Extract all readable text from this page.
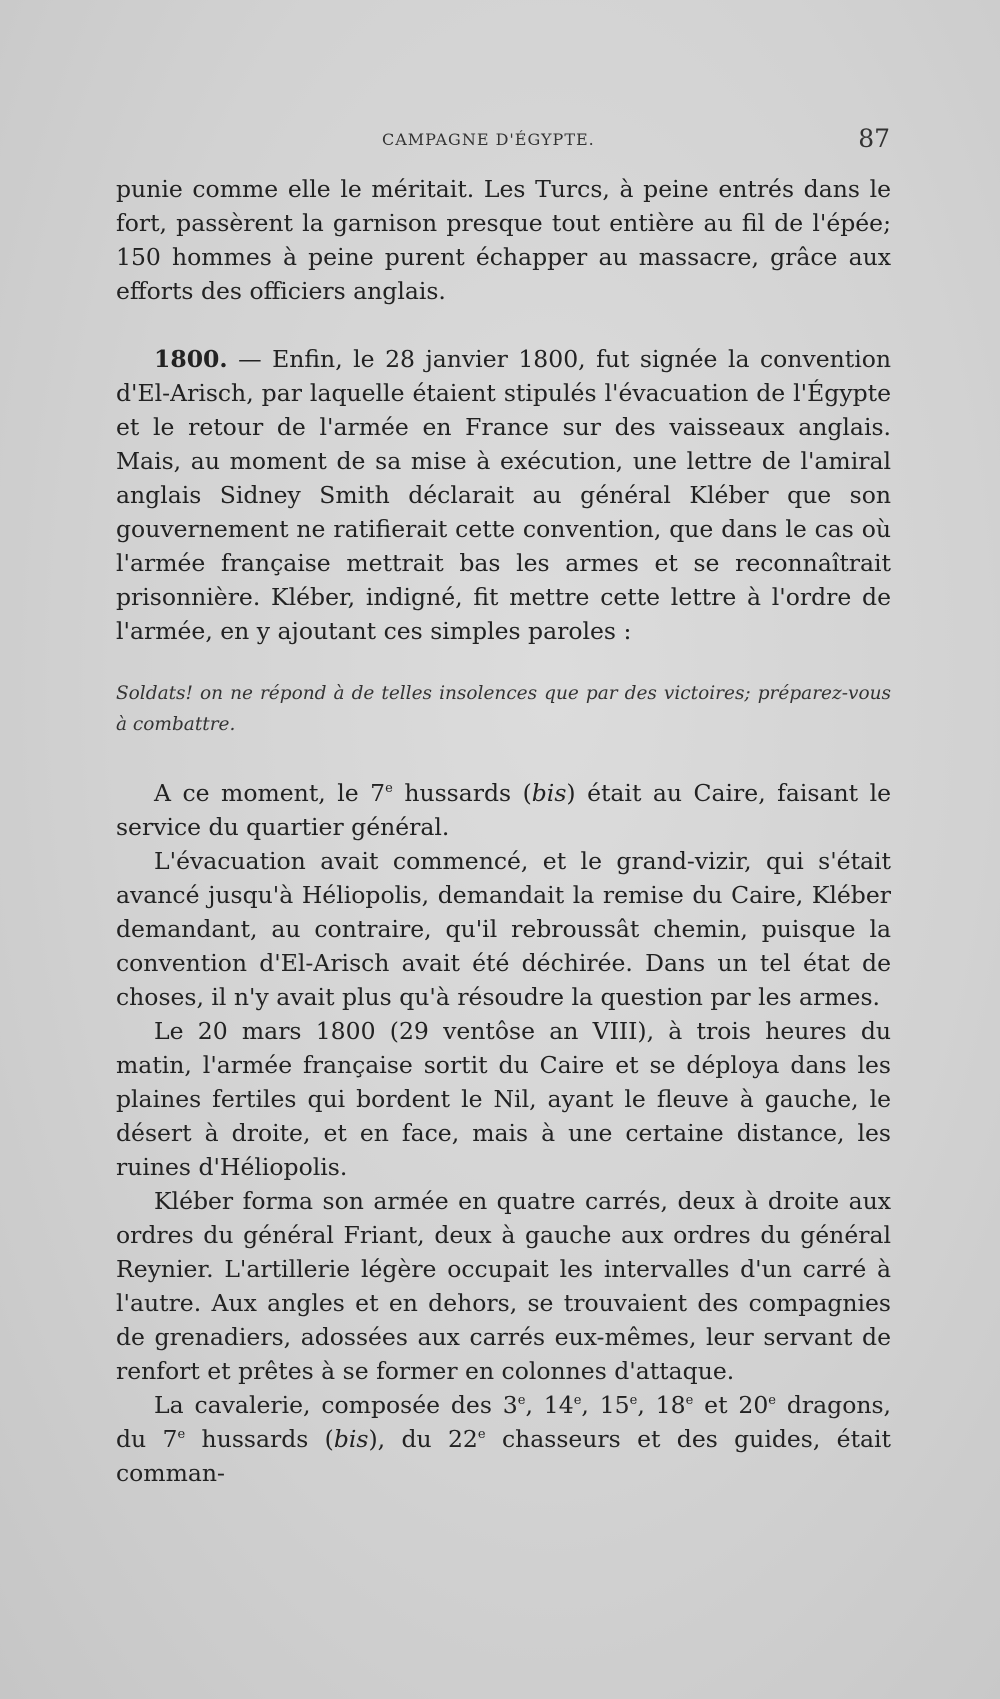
CAMPAGNE D'ÉGYPTE.	87

punie comme elle le méritait. Les Turcs, à peine entrés dans le fort, passèrent la garnison presque tout entière au fil de l'épée; 150 hommes à peine purent échapper au massacre, grâce aux efforts des officiers anglais.

1800. — Enfin, le 28 janvier 1800, fut signée la convention d'El-Arisch, par laquelle étaient stipulés l'évacuation de l'Égypte et le retour de l'armée en France sur des vaisseaux anglais. Mais, au moment de sa mise à exécution, une lettre de l'amiral anglais Sidney Smith déclarait au général Kléber que son gouvernement ne ratifierait cette convention, que dans le cas où l'armée française mettrait bas les armes et se reconnaîtrait prisonnière. Kléber, indigné, fit mettre cette lettre à l'ordre de l'armée, en y ajoutant ces simples paroles :

Soldats! on ne répond à de telles insolences que par des victoires; préparez-vous à combattre.

A ce moment, le 7e hussards (bis) était au Caire, faisant le service du quartier général.

L'évacuation avait commencé, et le grand-vizir, qui s'était avancé jusqu'à Héliopolis, demandait la remise du Caire, Kléber demandant, au contraire, qu'il rebroussât chemin, puisque la convention d'El-Arisch avait été déchirée. Dans un tel état de choses, il n'y avait plus qu'à résoudre la question par les armes.

Le 20 mars 1800 (29 ventôse an VIII), à trois heures du matin, l'armée française sortit du Caire et se déploya dans les plaines fertiles qui bordent le Nil, ayant le fleuve à gauche, le désert à droite, et en face, mais à une certaine distance, les ruines d'Héliopolis.

Kléber forma son armée en quatre carrés, deux à droite aux ordres du général Friant, deux à gauche aux ordres du général Reynier. L'artillerie légère occupait les intervalles d'un carré à l'autre. Aux angles et en dehors, se trouvaient des compagnies de grenadiers, adossées aux carrés eux-mêmes, leur servant de renfort et prêtes à se former en colonnes d'attaque.

La cavalerie, composée des 3e, 14e, 15e, 18e et 20e dragons, du 7e hussards (bis), du 22e chasseurs et des guides, était comman-
